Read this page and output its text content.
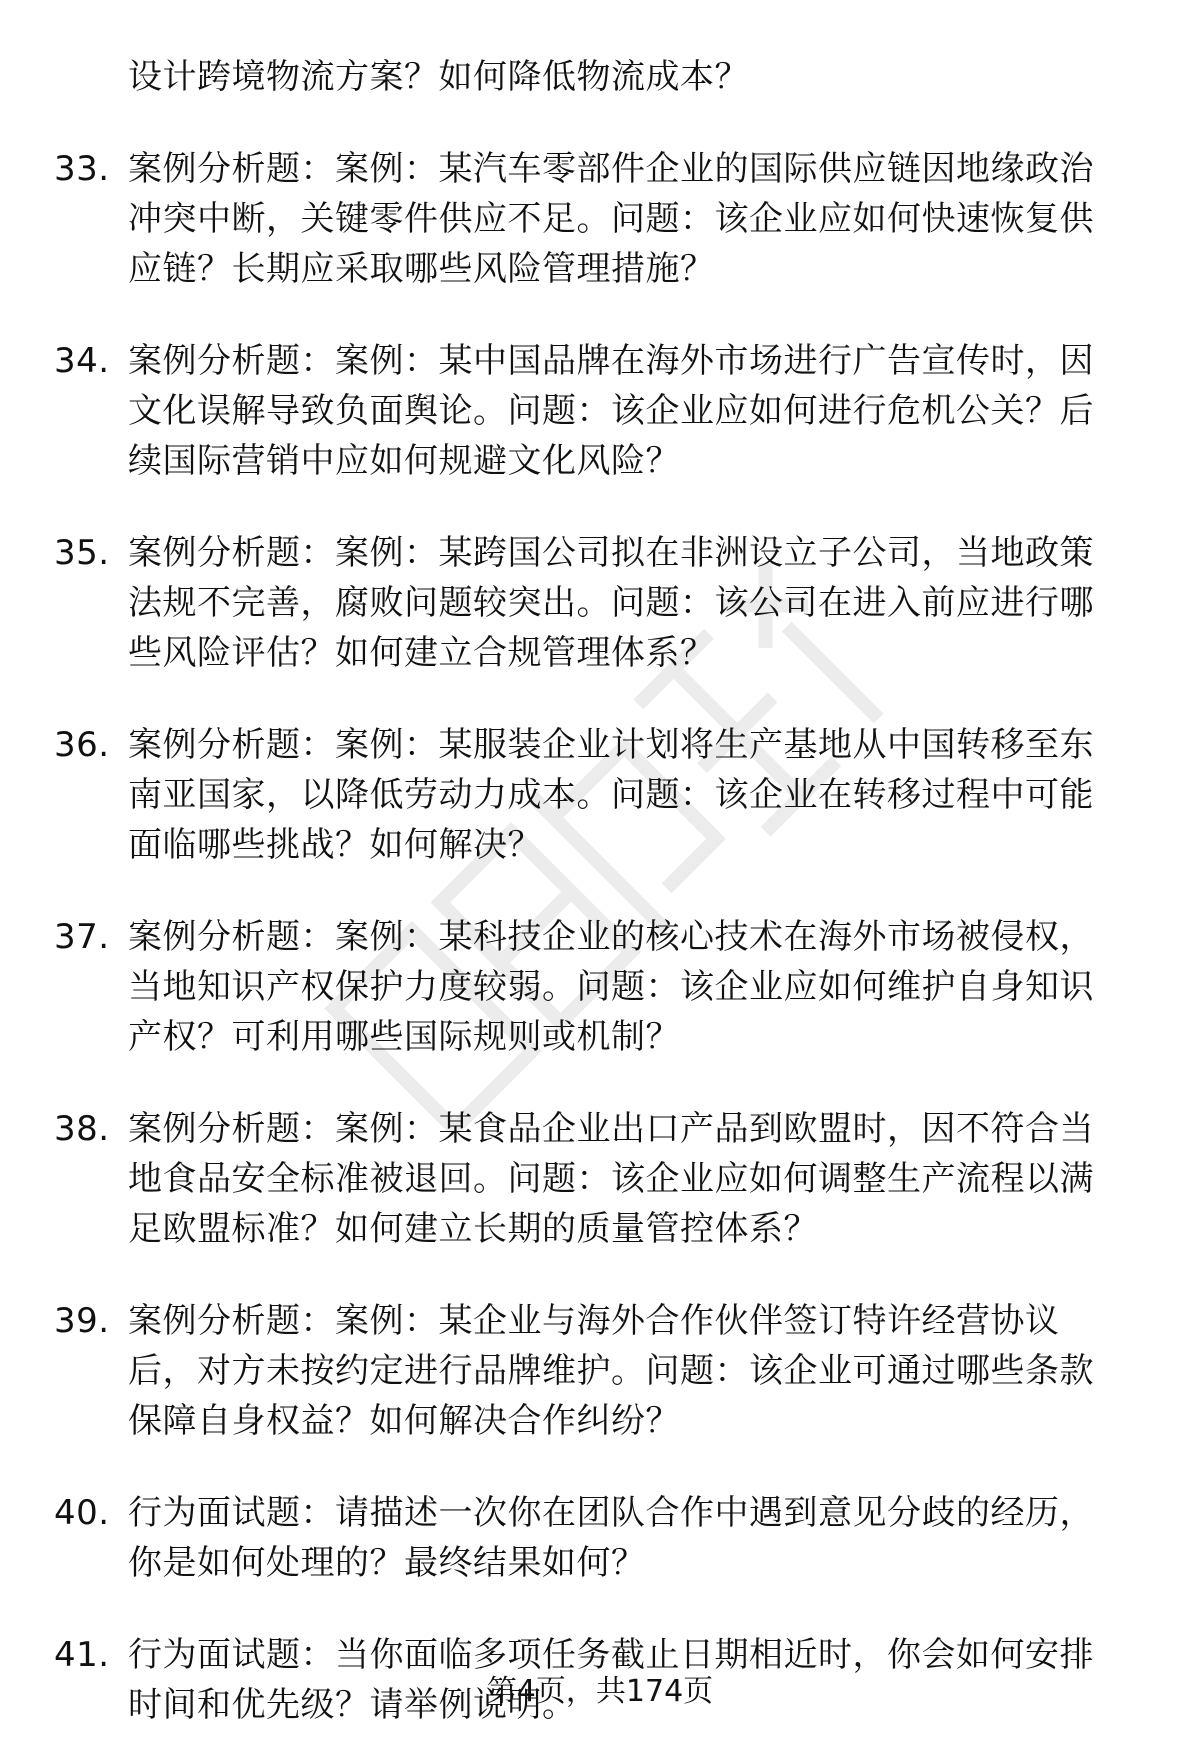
设计跨境物流方案？如何降低物流成本？
33. 案例分析题：案例：某汽车零部件企业的国际供应链因地缘政治
冲突中断，关键零件供应不足。问题：该企业应如何快速恢复供
应链？长期应采取哪些风险管理措施？
34. 案例分析题：案例：某中国品牌在海外市场进行广告宣传时，因
文化误解导致负面舆论。问题：该企业应如何进行危机公关？后
续国际营销中应如何规避文化风险？
35. 案例分析题：案例：某跨国公司拟在非洲设立子公司，当地政策
法规不完善，腐败问题较突出。问题：该公司在进入前应进行哪
些风险评估？如何建立合规管理体系？
36. 案例分析题：案例：某服装企业计划将生产基地从中国转移至东
南亚国家，以降低劳动力成本。问题：该企业在转移过程中可能
面临哪些挑战？如何解决？
37. 案例分析题：案例：某科技企业的核心技术在海外市场被侵权，
当地知识产权保护力度较弱。问题：该企业应如何维护自身知识
产权？可利用哪些国际规则或机制？
38. 案例分析题：案例：某食品企业出口产品到欧盟时，因不符合当
地食品安全标准被退回。问题：该企业应如何调整生产流程以满
足欧盟标准？如何建立长期的质量管控体系？
39. 案例分析题：案例：某企业与海外合作伙伴签订特许经营协议
后，对方未按约定进行品牌维护。问题：该企业可通过哪些条款
保障自身权益？如何解决合作纠纷？
40. 行为面试题：请描述一次你在团队合作中遇到意见分歧的经历，
你是如何处理的？最终结果如何？
41. 行为面试题：当你面临多项任务截止日期相近时，你会如何安排
时间和优先级？请举例说明。
第4页，共174页
